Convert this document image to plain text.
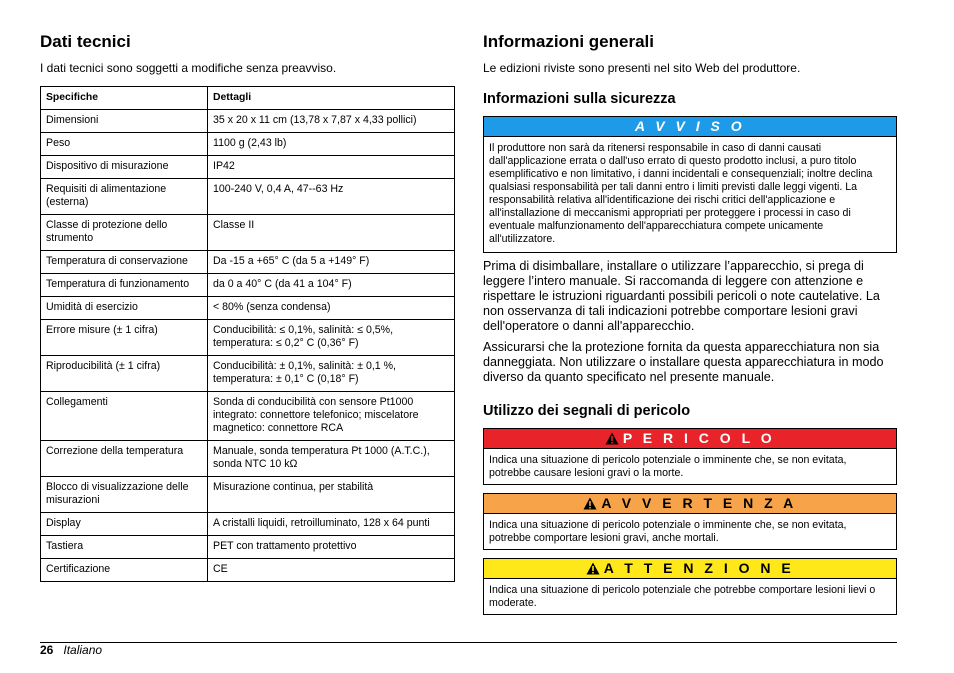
Dati tecnici
I dati tecnici sono soggetti a modifiche senza preavviso.
Specifiche	Dettagli
Dimensioni	35 x 20 x 11 cm (13,78 x 7,87 x 4,33 pollici)
Peso	1100 g (2,43 lb)
Dispositivo di misurazione	IP42
Requisiti di alimentazione (esterna)	100-240 V, 0,4 A, 47--63 Hz
Classe di protezione dello strumento	Classe II
Temperatura di conservazione	Da -15 a +65° C (da 5 a +149° F)
Temperatura di funzionamento	da 0 a 40° C (da 41 a 104° F)
Umidità di esercizio	< 80% (senza condensa)
Errore misure (± 1 cifra)	Conducibilità: ≤ 0,1%, salinità: ≤ 0,5%, temperatura: ≤ 0,2° C (0,36° F)
Riproducibilità (± 1 cifra)	Conducibilità: ± 0,1%, salinità: ± 0,1 %, temperatura: ± 0,1° C (0,18° F)
Collegamenti	Sonda di conducibilità con sensore Pt1000 integrato: connettore telefonico; miscelatore magnetico: connettore RCA
Correzione della temperatura	Manuale, sonda temperatura Pt 1000 (A.T.C.), sonda NTC 10 kΩ
Blocco di visualizzazione delle misurazioni	Misurazione continua, per stabilità
Display	A cristalli liquidi, retroilluminato, 128 x 64 punti
Tastiera	PET con trattamento protettivo
Certificazione	CE
Informazioni generali
Le edizioni riviste sono presenti nel sito Web del produttore.
Informazioni sulla sicurezza
A V V I S O
Il produttore non sarà da ritenersi responsabile in caso di danni causati dall'applicazione errata o dall'uso errato di questo prodotto inclusi, a puro titolo esemplificativo e non limitativo, i danni incidentali e consequenziali; inoltre declina qualsiasi responsabilità per tali danni entro i limiti previsti dalle leggi vigenti. La responsabilità relativa all'identificazione dei rischi critici dell'applicazione e all'installazione di meccanismi appropriati per proteggere i processi in caso di eventuale malfunzionamento dell'apparecchiatura compete unicamente all'utilizzatore.

Prima di disimballare, installare o utilizzare l’apparecchio, si prega di leggere l’intero manuale. Si raccomanda di leggere con attenzione e rispettare le istruzioni riguardanti possibili pericoli o note cautelative. La non osservanza di tali indicazioni potrebbe comportare lesioni gravi dell'operatore o danni all'apparecchio.

Assicurarsi che la protezione fornita da questa apparecchiatura non sia danneggiata. Non utilizzare o installare questa apparecchiatura in modo diverso da quanto specificato nel presente manuale.

Utilizzo dei segnali di pericolo
P E R I C O L O
Indica una situazione di pericolo potenziale o imminente che, se non evitata, potrebbe causare lesioni gravi o la morte.
A V V E R T E N Z A
Indica una situazione di pericolo potenziale o imminente che, se non evitata, potrebbe comportare lesioni gravi, anche mortali.
A T T E N Z I O N E
Indica una situazione di pericolo potenziale che potrebbe comportare lesioni lievi o moderate.
26 Italiano
